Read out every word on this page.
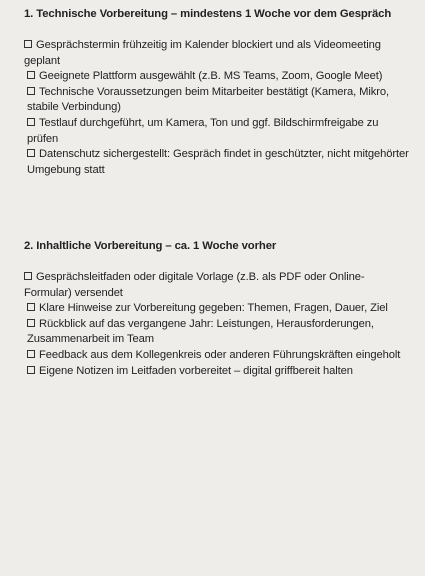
1. Technische Vorbereitung – mindestens 1 Woche vor dem Gespräch

Gesprächstermin frühzeitig im Kalender blockiert und als Videomeeting geplant
Geeignete Plattform ausgewählt (z.B. MS Teams, Zoom, Google Meet)
Technische Voraussetzungen beim Mitarbeiter bestätigt (Kamera, Mikro, stabile Verbindung)
Testlauf durchgeführt, um Kamera, Ton und ggf. Bildschirmfreigabe zu prüfen
Datenschutz sichergestellt: Gespräch findet in geschützter, nicht mitgehörter Umgebung statt

2. Inhaltliche Vorbereitung – ca. 1 Woche vorher

Gesprächsleitfaden oder digitale Vorlage (z.B. als PDF oder Online-Formular) versendet
Klare Hinweise zur Vorbereitung gegeben: Themen, Fragen, Dauer, Ziel
Rückblick auf das vergangene Jahr: Leistungen, Herausforderungen, Zusammenarbeit im Team
Feedback aus dem Kollegenkreis oder anderen Führungskräften eingeholt
Eigene Notizen im Leitfaden vorbereitet – digital griffbereit halten
